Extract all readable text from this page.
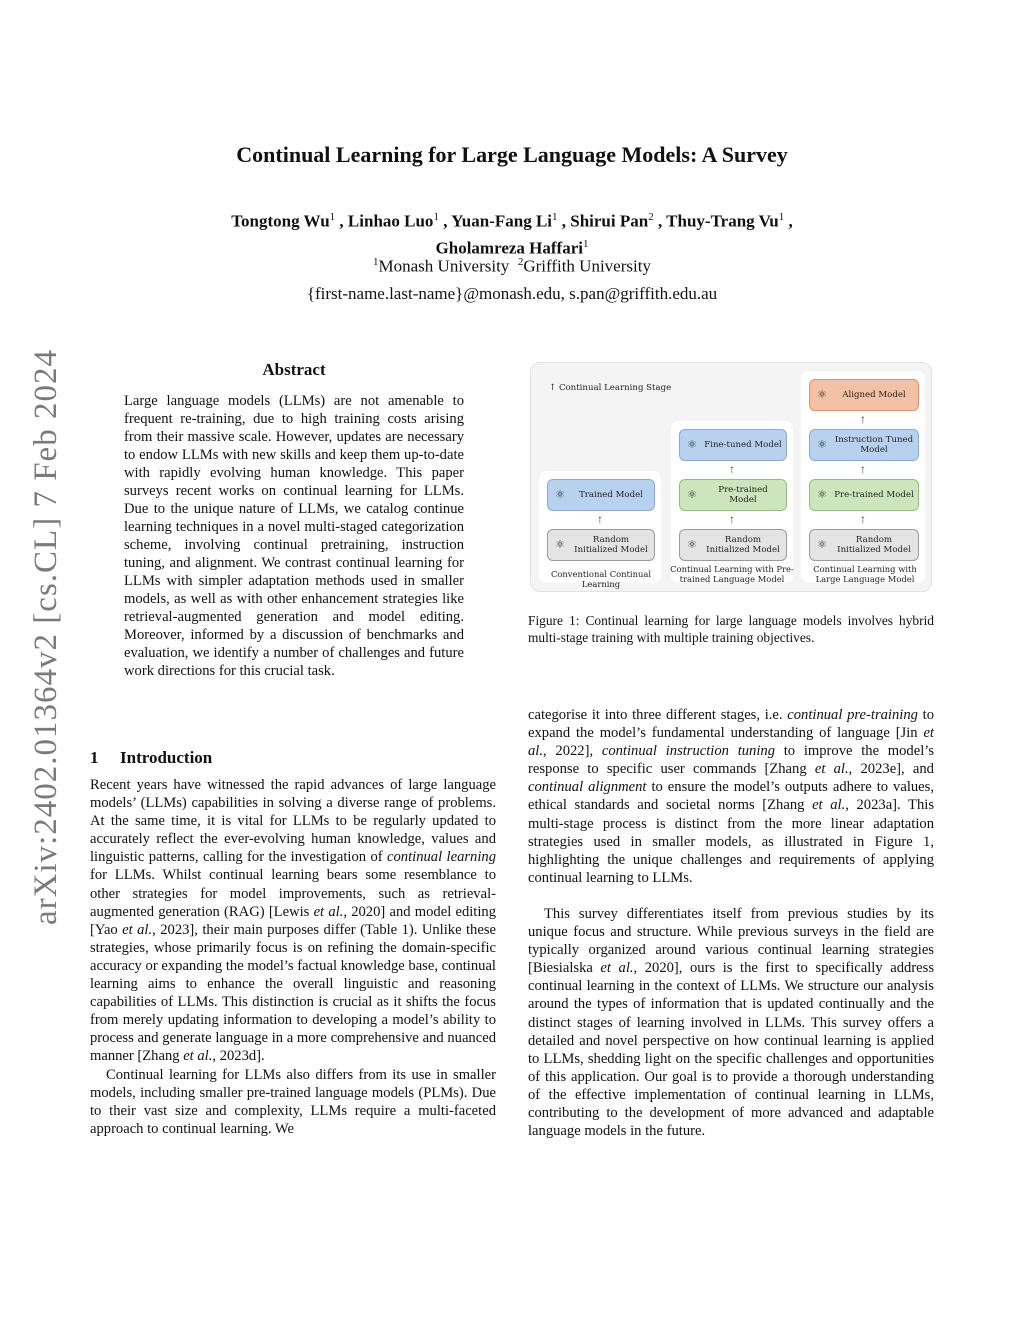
arXiv:2402.01364v2 [cs.CL] 7 Feb 2024
Continual Learning for Large Language Models: A Survey
Tongtong Wu$^1$ , Linhao Luo$^1$ , Yuan-Fang Li$^1$ , Shirui Pan$^2$ , Thuy-Trang Vu$^1$ ,
Gholamreza Haffari$^1$
$^1$Monash University $^2$Griffith University
{first-name.last-name}@monash.edu, s.pan@griffith.edu.au
Abstract
Large language models (LLMs) are not amenable to frequent re-training, due to high training costs arising from their massive scale. However, updates are necessary to endow LLMs with new skills and keep them up-to-date with rapidly evolving human knowledge. This paper surveys recent works on continual learning for LLMs. Due to the unique nature of LLMs, we catalog continue learning techniques in a novel multi-staged categorization scheme, involving continual pretraining, instruction tuning, and alignment. We contrast continual learning for LLMs with simpler adaptation methods used in smaller models, as well as with other enhancement strategies like retrieval-augmented generation and model editing. Moreover, informed by a discussion of benchmarks and evaluation, we identify a number of challenges and future work directions for this crucial task.
1 Introduction

Recent years have witnessed the rapid advances of large language models’ (LLMs) capabilities in solving a diverse range of problems. At the same time, it is vital for LLMs to be regularly updated to accurately reflect the ever-evolving human knowledge, values and linguistic patterns, calling for the investigation of continual learning for LLMs. Whilst continual learning bears some resemblance to other strategies for model improvements, such as retrieval-augmented generation (RAG) [Lewis et al., 2020] and model editing [Yao et al., 2023], their main purposes differ (Table 1). Unlike these strategies, whose primarily focus is on refining the domain-specific accuracy or expanding the model’s factual knowledge base, continual learning aims to enhance the overall linguistic and reasoning capabilities of LLMs. This distinction is crucial as it shifts the focus from merely updating information to developing a model’s ability to process and generate language in a more comprehensive and nuanced manner [Zhang et al., 2023d].

Continual learning for LLMs also differs from its use in smaller models, including smaller pre-trained language models (PLMs). Due to their vast size and complexity, LLMs require a multi-faceted approach to continual learning. We

↑ Continual Learning Stage
⚛	Trained Model
↑
⚛	Random Initialized Model
Conventional Continual Learning
⚛ Fine-tuned Model
↑
⚛	Pre-trained Model
↑
⚛	Random Initialized Model
Continual Learning with Pre-trained Language Model
⚛	Aligned Model
↑
⚛ Instruction Tuned Model
↑
⚛ Pre-trained Model
↑
⚛	Random Initialized Model
Continual Learning with Large Language Model
Figure 1: Continual learning for large language models involves hybrid multi-stage training with multiple training objectives.

categorise it into three different stages, i.e. continual pre-training to expand the model’s fundamental understanding of language [Jin et al., 2022], continual instruction tuning to improve the model’s response to specific user commands [Zhang et al., 2023e], and continual alignment to ensure the model’s outputs adhere to values, ethical standards and societal norms [Zhang et al., 2023a]. This multi-stage process is distinct from the more linear adaptation strategies used in smaller models, as illustrated in Figure 1, highlighting the unique challenges and requirements of applying continual learning to LLMs.

This survey differentiates itself from previous studies by its unique focus and structure. While previous surveys in the field are typically organized around various continual learning strategies [Biesialska et al., 2020], ours is the first to specifically address continual learning in the context of LLMs. We structure our analysis around the types of information that is updated continually and the distinct stages of learning involved in LLMs. This survey offers a detailed and novel perspective on how continual learning is applied to LLMs, shedding light on the specific challenges and opportunities of this application. Our goal is to provide a thorough understanding of the effective implementation of continual learning in LLMs, contributing to the development of more advanced and adaptable language models in the future.
